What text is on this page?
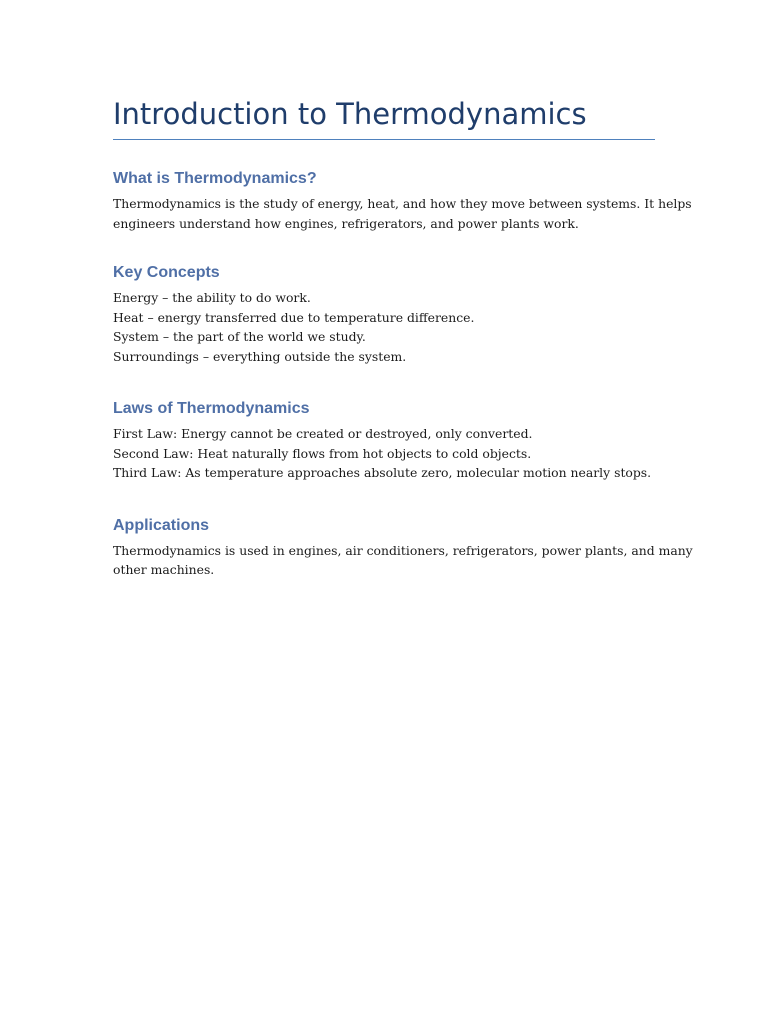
Introduction to Thermodynamics
What is Thermodynamics?

Thermodynamics is the study of energy, heat, and how they move between systems. It helps
engineers understand how engines, refrigerators, and power plants work.

Key Concepts

Energy – the ability to do work.
Heat – energy transferred due to temperature difference.
System – the part of the world we study.
Surroundings – everything outside the system.

Laws of Thermodynamics

First Law: Energy cannot be created or destroyed, only converted.
Second Law: Heat naturally flows from hot objects to cold objects.
Third Law: As temperature approaches absolute zero, molecular motion nearly stops.

Applications

Thermodynamics is used in engines, air conditioners, refrigerators, power plants, and many
other machines.
